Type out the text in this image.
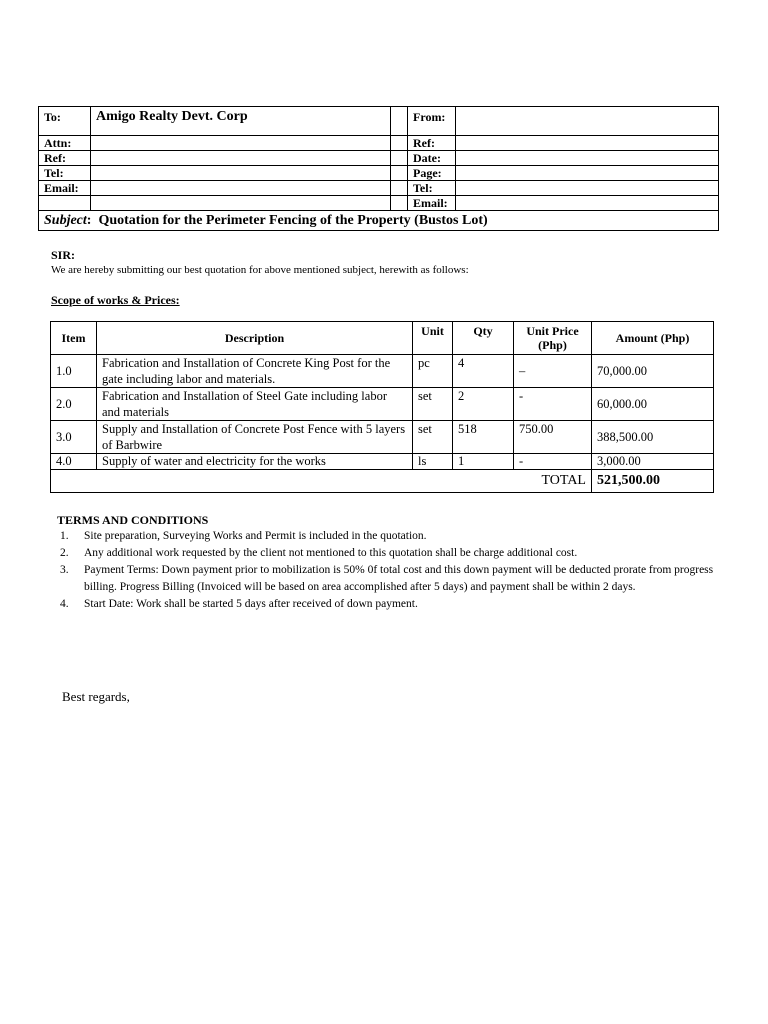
To:	Amigo Realty Devt. Corp		From:	
Attn:			Ref:	
Ref:			Date:	
Tel:			Page:	
Email:			Tel:	
			Email:	
Subject: Quotation for the Perimeter Fencing of the Property (Bustos Lot)				
SIR:
We are hereby submitting our best quotation for above mentioned subject, herewith as follows:
Scope of works & Prices:
Item	Description	Unit	Qty	Unit Price (Php)	Amount (Php)
1.0	Fabrication and Installation of Concrete King Post for the gate including labor and materials.	pc	4	–	70,000.00
2.0	Fabrication and Installation of Steel Gate including labor and materials	set	2	-	60,000.00
3.0	Supply and Installation of Concrete Post Fence with 5 layers of Barbwire	set	518	750.00	388,500.00
4.0	Supply of water and electricity for the works	ls	1	-	3,000.00
TOTAL					521,500.00
TERMS AND CONDITIONS
1. Site preparation, Surveying Works and Permit is included in the quotation.
2. Any additional work requested by the client not mentioned to this quotation shall be charge additional cost.
3. Payment Terms: Down payment prior to mobilization is 50% 0f total cost and this down payment will be deducted prorate from progress billing. Progress Billing (Invoiced will be based on area accomplished after 5 days) and payment shall be within 2 days.
4. Start Date: Work shall be started 5 days after received of down payment.
Best regards,
